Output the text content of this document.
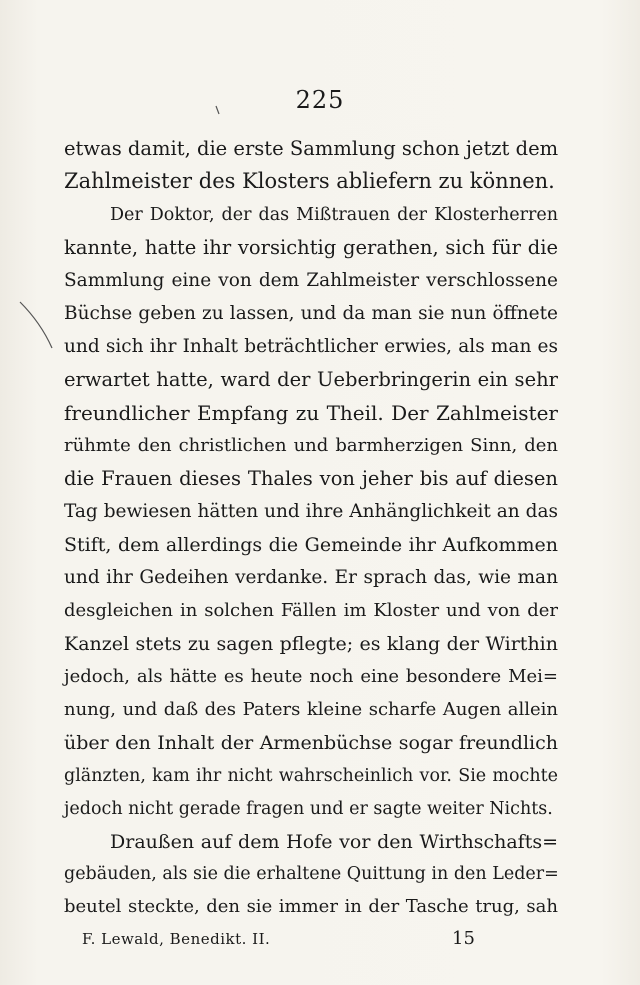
225
etwas damit, die erste Sammlung schon jetzt dem
Zahlmeister des Klosters abliefern zu können.
Der Doktor, der das Mißtrauen der Klosterherren
kannte, hatte ihr vorsichtig gerathen, sich für die
Sammlung eine von dem Zahlmeister verschlossene
Büchse geben zu lassen, und da man sie nun öffnete
und sich ihr Inhalt beträchtlicher erwies, als man es
erwartet hatte, ward der Ueberbringerin ein sehr
freundlicher Empfang zu Theil. Der Zahlmeister
rühmte den christlichen und barmherzigen Sinn, den
die Frauen dieses Thales von jeher bis auf diesen
Tag bewiesen hätten und ihre Anhänglichkeit an das
Stift, dem allerdings die Gemeinde ihr Aufkommen
und ihr Gedeihen verdanke. Er sprach das, wie man
desgleichen in solchen Fällen im Kloster und von der
Kanzel stets zu sagen pflegte; es klang der Wirthin
jedoch, als hätte es heute noch eine besondere Mei=
nung, und daß des Paters kleine scharfe Augen allein
über den Inhalt der Armenbüchse sogar freundlich
glänzten, kam ihr nicht wahrscheinlich vor. Sie mochte
jedoch nicht gerade fragen und er sagte weiter Nichts.
Draußen auf dem Hofe vor den Wirthschafts=
gebäuden, als sie die erhaltene Quittung in den Leder=
beutel steckte, den sie immer in der Tasche trug, sah
F. Lewald, Benedikt. II.	15
